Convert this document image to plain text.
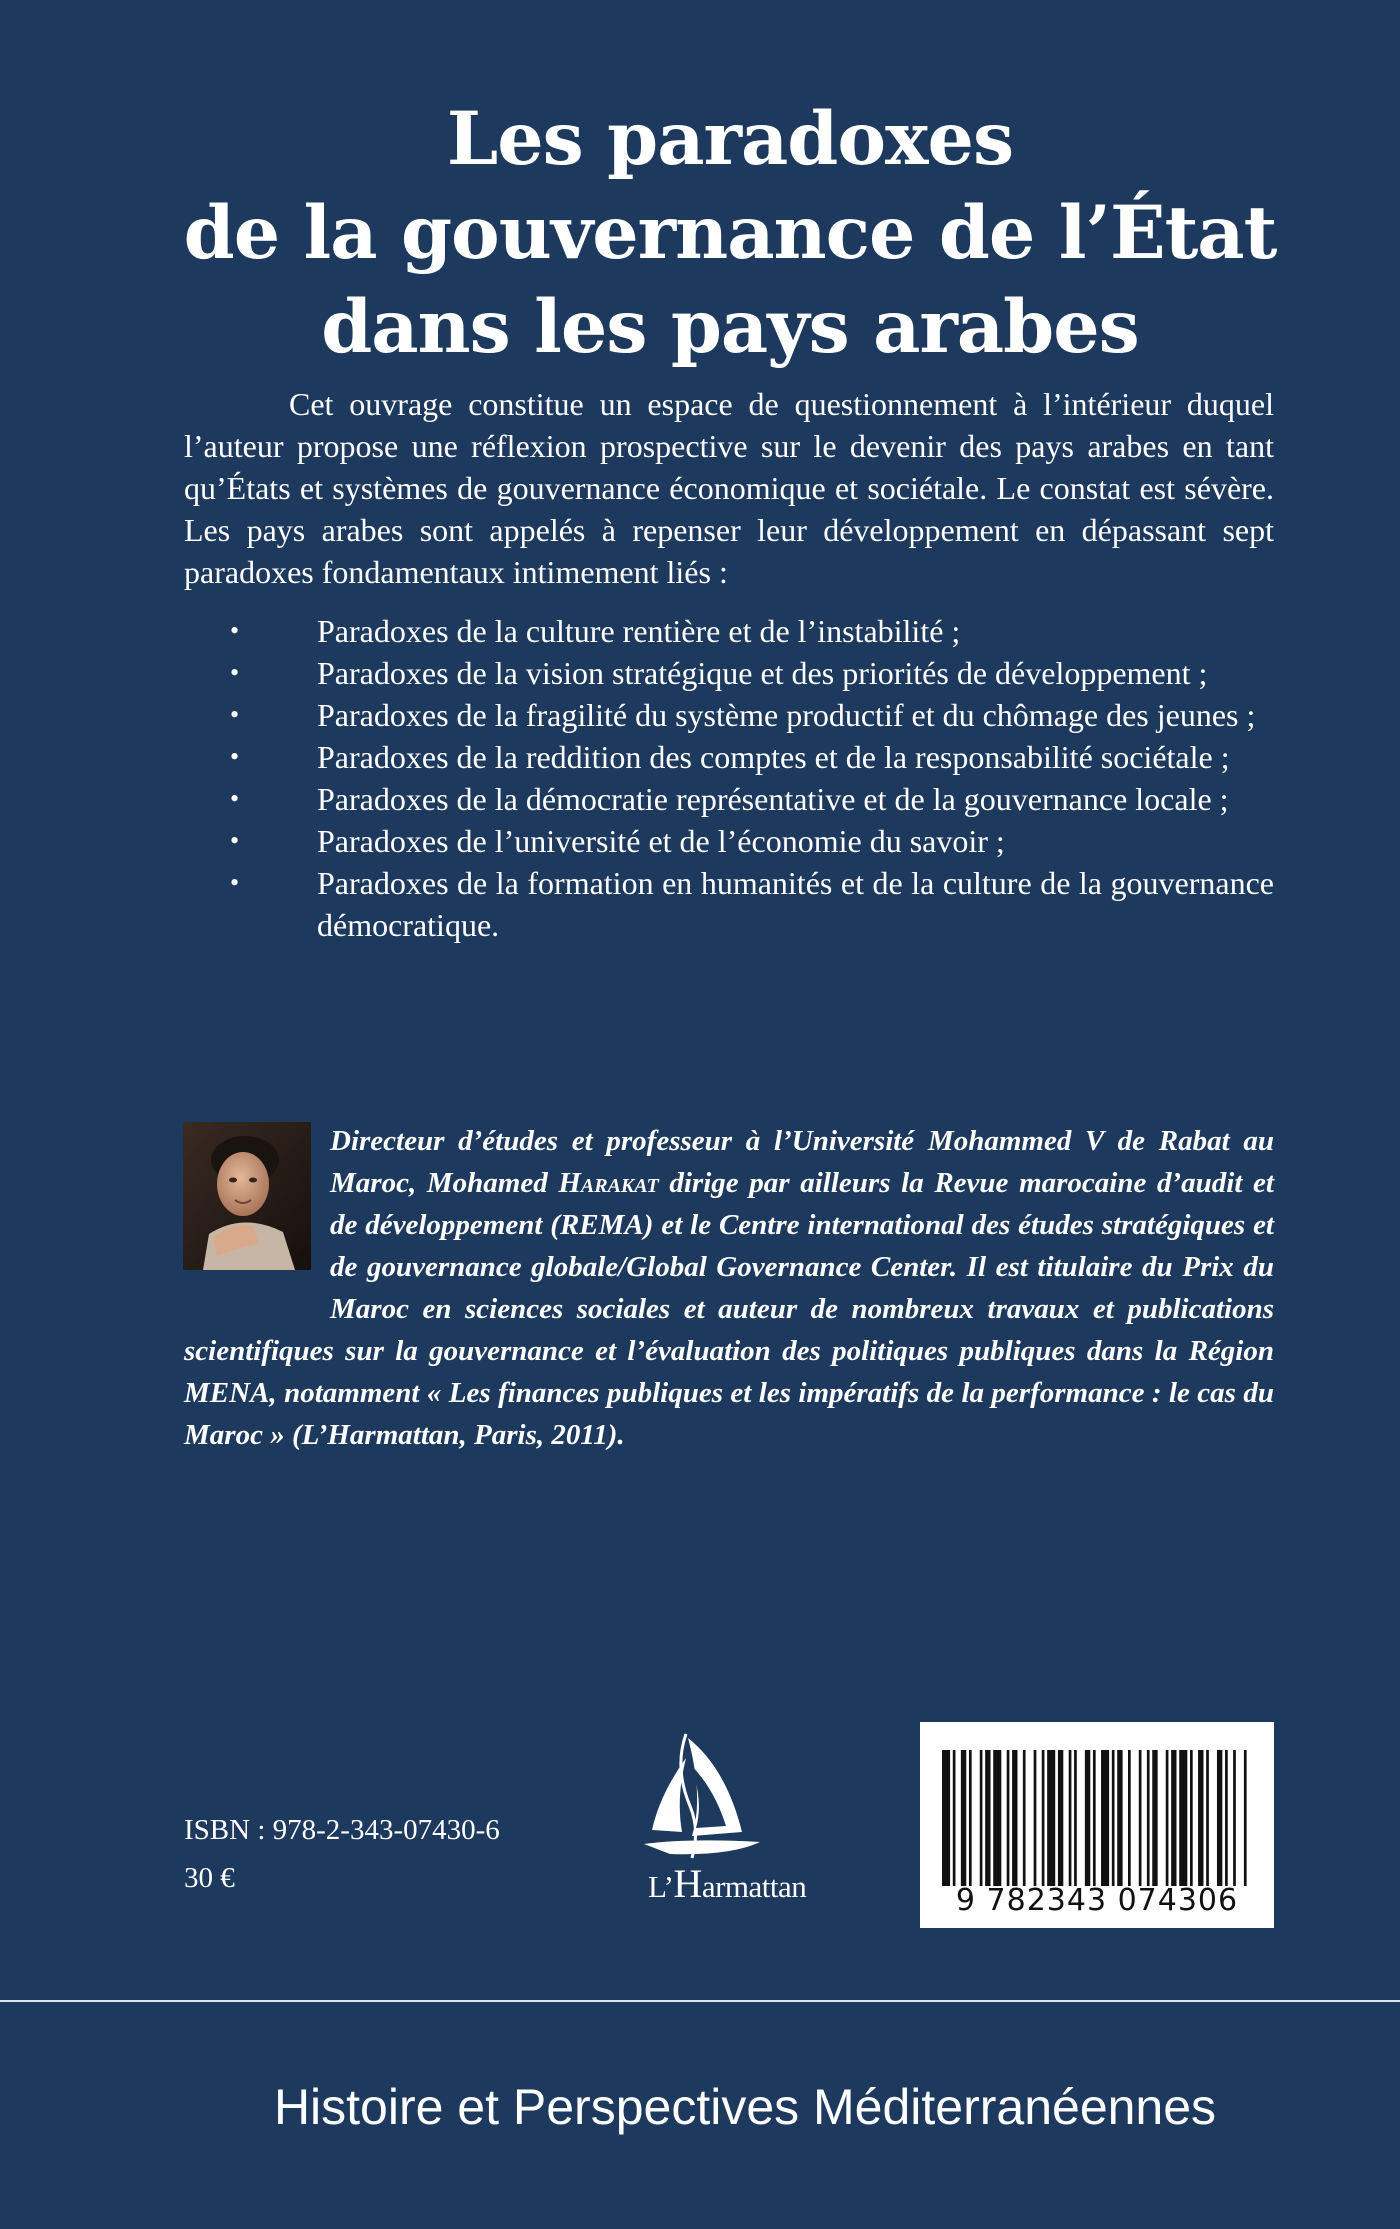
Les paradoxes
de la gouvernance de l’État
dans les pays arabes

Cet ouvrage constitue un espace de questionnement à l’intérieur duquel l’auteur propose une réflexion prospective sur le devenir des pays arabes en tant qu’États et systèmes de gouvernance économique et sociétale. Le constat est sévère. Les pays arabes sont appelés à repenser leur développement en dépassant sept paradoxes fondamentaux intimement liés :

•	Paradoxes de la culture rentière et de l’instabilité ;
•	Paradoxes de la vision stratégique et des priorités de développement ;
•	Paradoxes de la fragilité du système productif et du chômage des jeunes ;
•	Paradoxes de la reddition des comptes et de la responsabilité sociétale ;
•	Paradoxes de la démocratie représentative et de la gouvernance locale ;
•	Paradoxes de l’université et de l’économie du savoir ;
•	Paradoxes de la formation en humanités et de la culture de la gouvernance démocratique.

Directeur d’études et professeur à l’Université Mohammed V de Rabat au Maroc, Mohamed Harakat dirige par ailleurs la Revue marocaine d’audit et de développement (REMA) et le Centre international des études stratégiques et de gouvernance globale/Global Governance Center. Il est titulaire du Prix du Maroc en sciences sociales et auteur de nombreux travaux et publications scientifiques sur la gouvernance et l’évaluation des politiques publiques dans la Région MENA, notamment « Les finances publiques et les impératifs de la performance : le cas du Maroc » (L’Harmattan, Paris, 2011).

ISBN : 978-2-343-07430-6
30 €	L’Harmattan	9 782343 074306
Histoire et Perspectives Méditerranéennes
